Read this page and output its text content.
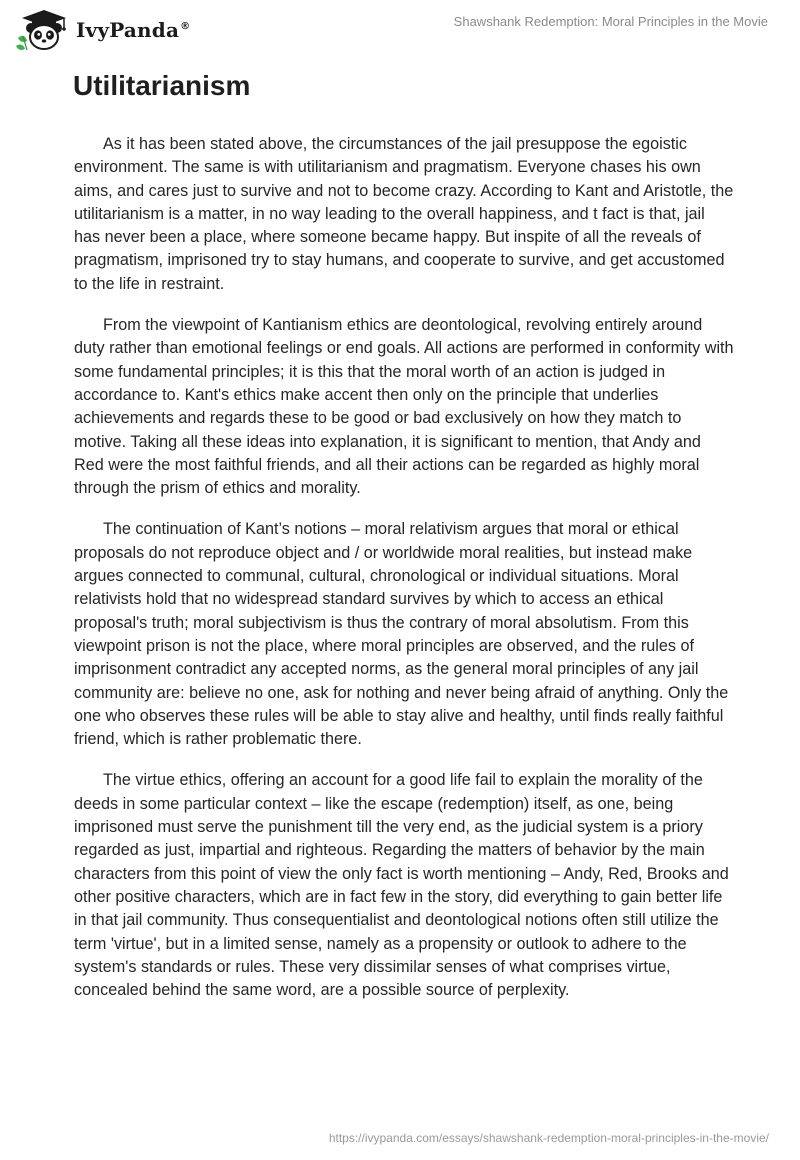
IvyPanda®	Shawshank Redemption: Moral Principles in the Movie
Utilitarianism

As it has been stated above, the circumstances of the jail presuppose the egoistic environment. The same is with utilitarianism and pragmatism. Everyone chases his own aims, and cares just to survive and not to become crazy. According to Kant and Aristotle, the utilitarianism is a matter, in no way leading to the overall happiness, and t fact is that, jail has never been a place, where someone became happy. But inspite of all the reveals of pragmatism, imprisoned try to stay humans, and cooperate to survive, and get accustomed to the life in restraint.

From the viewpoint of Kantianism ethics are deontological, revolving entirely around duty rather than emotional feelings or end goals. All actions are performed in conformity with some fundamental principles; it is this that the moral worth of an action is judged in accordance to. Kant's ethics make accent then only on the principle that underlies achievements and regards these to be good or bad exclusively on how they match to motive. Taking all these ideas into explanation, it is significant to mention, that Andy and Red were the most faithful friends, and all their actions can be regarded as highly moral through the prism of ethics and morality.

The continuation of Kant’s notions – moral relativism argues that moral or ethical proposals do not reproduce object and / or worldwide moral realities, but instead make argues connected to communal, cultural, chronological or individual situations. Moral relativists hold that no widespread standard survives by which to access an ethical proposal's truth; moral subjectivism is thus the contrary of moral absolutism. From this viewpoint prison is not the place, where moral principles are observed, and the rules of imprisonment contradict any accepted norms, as the general moral principles of any jail community are: believe no one, ask for nothing and never being afraid of anything. Only the one who observes these rules will be able to stay alive and healthy, until finds really faithful friend, which is rather problematic there.

The virtue ethics, offering an account for a good life fail to explain the morality of the deeds in some particular context – like the escape (redemption) itself, as one, being imprisoned must serve the punishment till the very end, as the judicial system is a priory regarded as just, impartial and righteous. Regarding the matters of behavior by the main characters from this point of view the only fact is worth mentioning – Andy, Red, Brooks and other positive characters, which are in fact few in the story, did everything to gain better life in that jail community. Thus consequentialist and deontological notions often still utilize the term 'virtue', but in a limited sense, namely as a propensity or outlook to adhere to the system's standards or rules. These very dissimilar senses of what comprises virtue, concealed behind the same word, are a possible source of perplexity.

https://ivypanda.com/essays/shawshank-redemption-moral-principles-in-the-movie/
